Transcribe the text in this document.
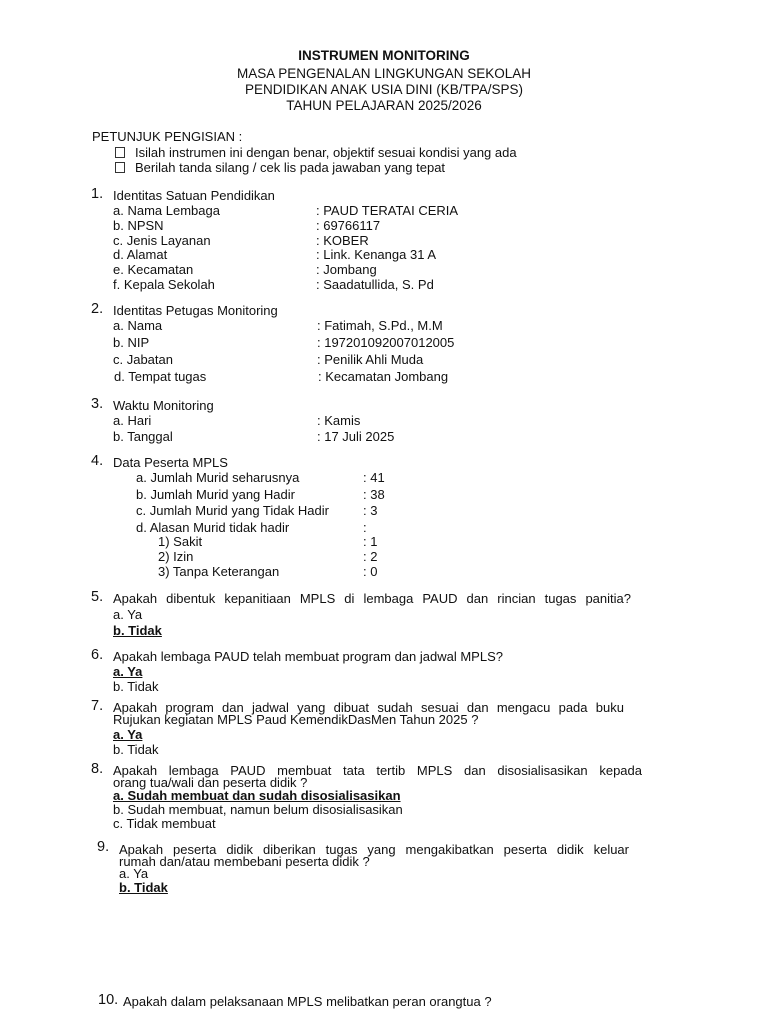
INSTRUMEN MONITORING
MASA PENGENALAN LINGKUNGAN SEKOLAH
PENDIDIKAN ANAK USIA DINI (KB/TPA/SPS)
TAHUN PELAJARAN 2025/2026
PETUNJUK PENGISIAN :
Isilah instrumen ini dengan benar, objektif sesuai kondisi yang ada
Berilah tanda silang / cek lis pada jawaban yang tepat
1. Identitas Satuan Pendidikan
a. Nama Lembaga	: PAUD TERATAI CERIA
b. NPSN	: 69766117
c. Jenis Layanan	: KOBER
d. Alamat	: Link. Kenanga 31 A
e. Kecamatan	: Jombang
f. Kepala Sekolah	: Saadatullida, S. Pd
2. Identitas Petugas Monitoring
a. Nama	: Fatimah, S.Pd., M.M
b. NIP	: 197201092007012005
c. Jabatan	: Penilik Ahli Muda
d. Tempat tugas	: Kecamatan Jombang
3. Waktu Monitoring
a. Hari	: Kamis
b. Tanggal	: 17 Juli 2025
4. Data Peserta MPLS
a. Jumlah Murid seharusnya	: 41
b. Jumlah Murid yang Hadir	: 38
c. Jumlah Murid yang Tidak Hadir	: 3
d. Alasan Murid tidak hadir	:
1) Sakit	: 1
2) Izin	: 2
3) Tanpa Keterangan	: 0
5. Apakah dibentuk kepanitiaan MPLS di lembaga PAUD dan rincian tugas panitia?
a. Ya
b. Tidak
6. Apakah lembaga PAUD telah membuat program dan jadwal MPLS?
a. Ya
b. Tidak
7. Apakah program dan jadwal yang dibuat sudah sesuai dan mengacu pada buku
Rujukan kegiatan MPLS Paud KemendikDasMen Tahun 2025 ?
a. Ya
b. Tidak
8. Apakah lembaga PAUD membuat tata tertib MPLS dan disosialisasikan kepada
orang tua/wali dan peserta didik ?
a. Sudah membuat dan sudah disosialisasikan
b. Sudah membuat, namun belum disosialisasikan
c. Tidak membuat
9. Apakah peserta didik diberikan tugas yang mengakibatkan peserta didik keluar
rumah dan/atau membebani peserta didik ?
a. Ya
b. Tidak
10. Apakah dalam pelaksanaan MPLS melibatkan peran orangtua ?
